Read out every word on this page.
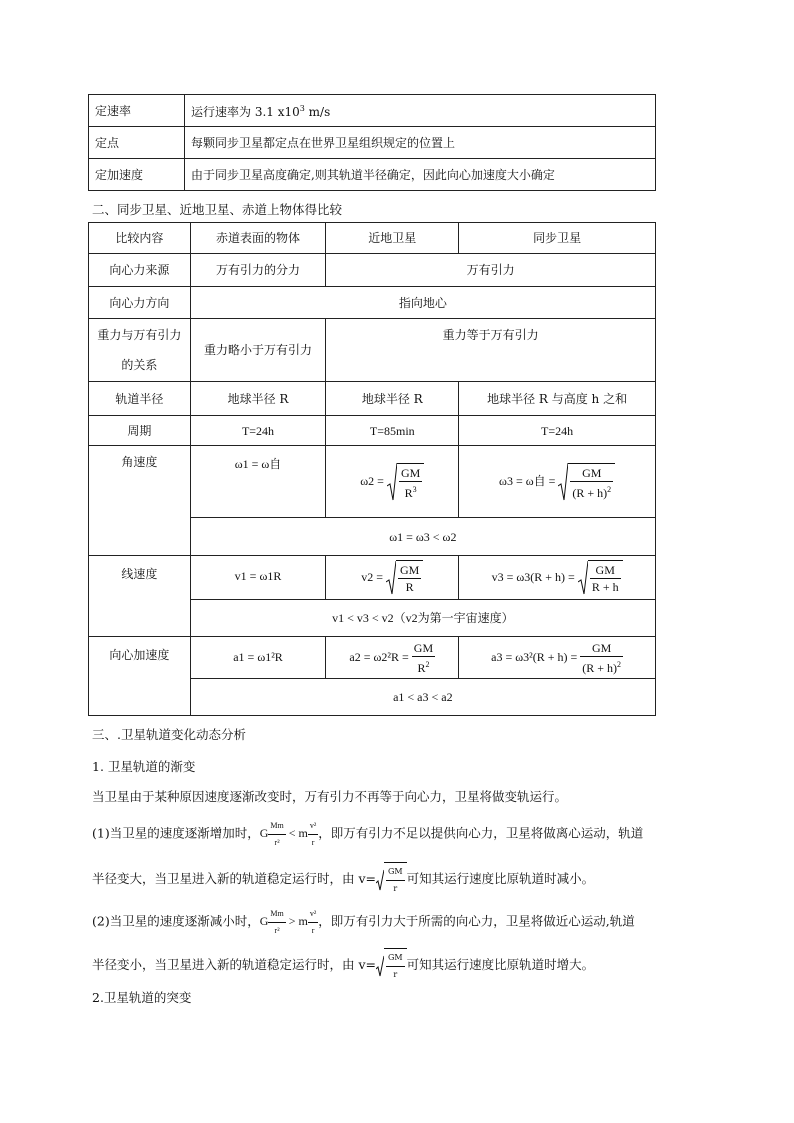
定速率	运行速率为 3.1 $x10^3$ m/s
定点	每颗同步卫星都定点在世界卫星组织规定的位置上
定加速度	由于同步卫星高度确定,则其轨道半径确定，因此向心加速度大小确定
二、同步卫星、近地卫星、赤道上物体得比较
比较内容	赤道表面的物体	近地卫星	同步卫星
向心力来源	万有引力的分力	万有引力	
向心力方向	指向地心		
重力与万有引力的关系	重力略小于万有引力	重力等于万有引力	
轨道半径	地球半径 R	地球半径 R	地球半径 R 与高度 h 之和
周期	T=24h	T=85min	T=24h
角速度	ω1 = ω自	$\omega 2 = \frac{GM}{R^3}$	ω3 = ω自 = $\frac{GM}{(R + h)^2}$

	ω1 = ω3 < ω2		
线速度	v1 = ω1R	$v2 = \frac{GM}{R}$	$v3 = \omega 3(R + h) = \frac{GM}{R + h}$

	v1 < v3 < v2（v2为第一宇宙速度）		
向心加速度	a1 = ω1²R	$a2 = \omega 2^2R = \frac{GM}{R^2}$	$a3 = \omega 3^2(R + h) = \frac{GM}{(R + h)^2}$

	a1 < a3 < a2		
三、.卫星轨道变化动态分析
1. 卫星轨道的渐变
当卫星由于某种原因速度逐渐改变时，万有引力不再等于向心力，卫星将做变轨运行。
(1)当卫星的速度逐渐增加时，G $\frac{Mm}{\text{r²}} < m \frac{\text{v²}}{r}$ ，即万有引力不足以提供向心力，卫星将做离心运动，轨道
半径变大，当卫星进入新的轨道稳定运行时，由 $v= \frac{GM}{r}$ 可知其运行速度比原轨道时减小。
(2)当卫星的速度逐渐减小时，G $\frac{Mm}{\text{r²}} > m \frac{\text{v²}}{r}$ ，即万有引力大于所需的向心力，卫星将做近心运动,轨道
半径变小，当卫星进入新的轨道稳定运行时，由 $v= \frac{GM}{r}$ 可知其运行速度比原轨道时增大。
2.卫星轨道的突变
